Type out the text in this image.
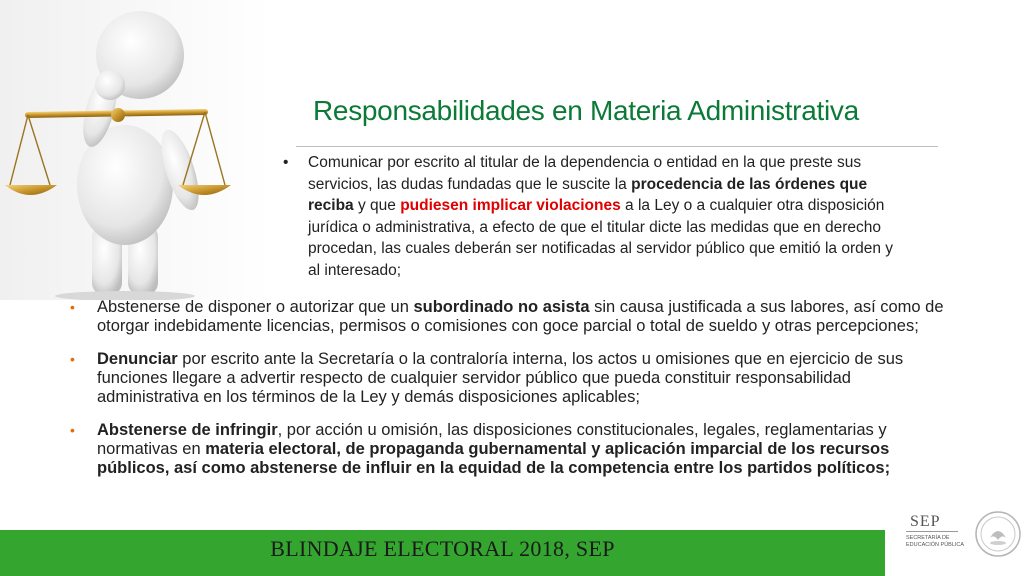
Responsabilidades en Materia Administrativa
• Comunicar por escrito al titular de la dependencia o entidad en la que preste sus servicios, las dudas fundadas que le suscite la procedencia de las órdenes que reciba y que pudiesen implicar violaciones a la Ley o a cualquier otra disposición jurídica o administrativa, a efecto de que el titular dicte las medidas que en derecho procedan, las cuales deberán ser notificadas al servidor público que emitió la orden y al interesado;
• Abstenerse de disponer o autorizar que un subordinado no asista sin causa justificada a sus labores, así como de otorgar indebidamente licencias, permisos o comisiones con goce parcial o total de sueldo y otras percepciones;
• Denunciar por escrito ante la Secretaría o la contraloría interna, los actos u omisiones que en ejercicio de sus funciones llegare a advertir respecto de cualquier servidor público que pueda constituir responsabilidad administrativa en los términos de la Ley y demás disposiciones aplicables;
• Abstenerse de infringir, por acción u omisión, las disposiciones constitucionales, legales, reglamentarias y normativas en materia electoral, de propaganda gubernamental y aplicación imparcial de los recursos públicos, así como abstenerse de influir en la equidad de la competencia entre los partidos políticos;
BLINDAJE ELECTORAL 2018, SEP
SEP
SECRETARÍA DE EDUCACIÓN PÚBLICA
